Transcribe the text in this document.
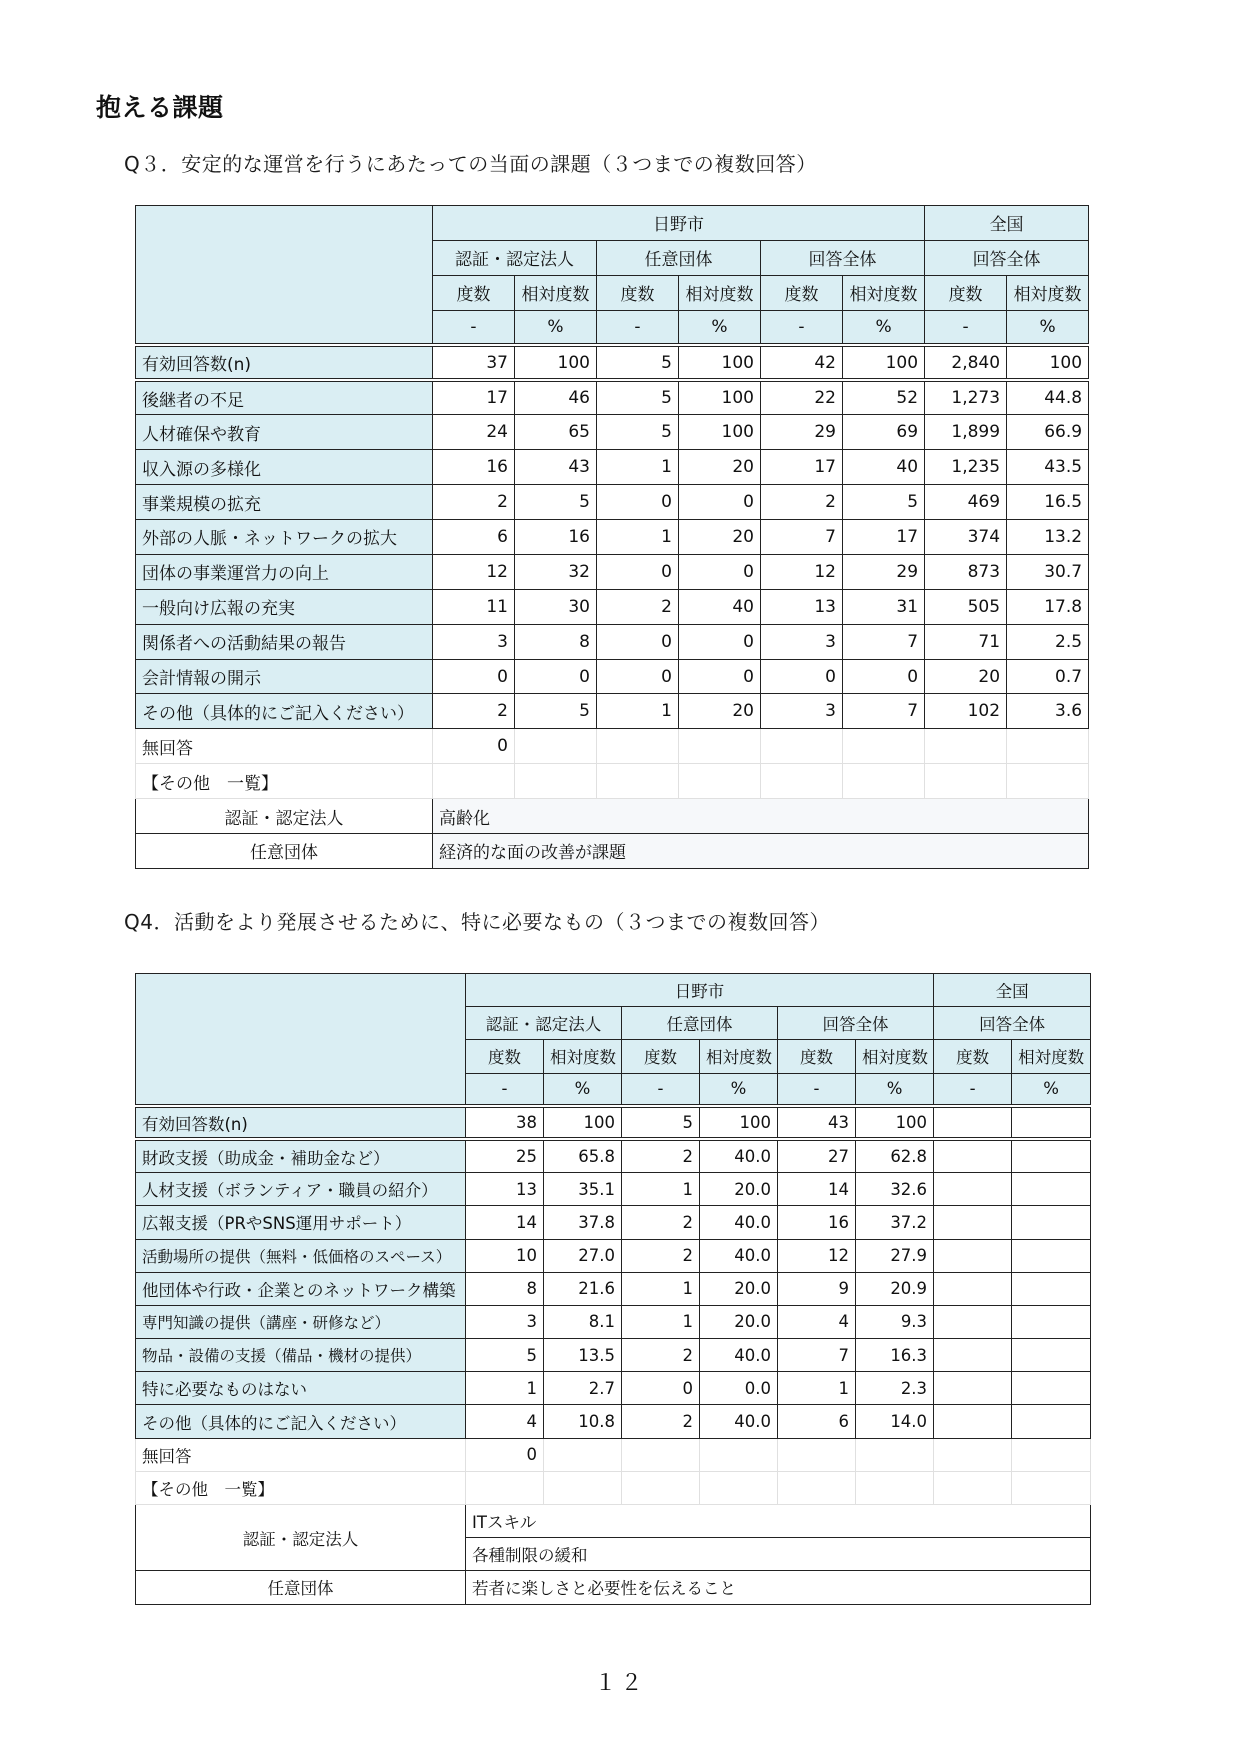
抱える課題
Q３．安定的な運営を行うにあたっての当面の課題（３つまでの複数回答）
	日野市						全国	
	認証・認定法人		任意団体		回答全体		回答全体	
	度数	相対度数	度数	相対度数	度数	相対度数	度数	相対度数
	-	%	-	%	-	%	-	%
有効回答数(n)	37	100	5	100	42	100	2,840	100
後継者の不足	17	46	5	100	22	52	1,273	44.8
人材確保や教育	24	65	5	100	29	69	1,899	66.9
収入源の多様化	16	43	1	20	17	40	1,235	43.5
事業規模の拡充	2	5	0	0	2	5	469	16.5
外部の人脈・ネットワークの拡大	6	16	1	20	7	17	374	13.2
団体の事業運営力の向上	12	32	0	0	12	29	873	30.7
一般向け広報の充実	11	30	2	40	13	31	505	17.8
関係者への活動結果の報告	3	8	0	0	3	7	71	2.5
会計情報の開示	0	0	0	0	0	0	20	0.7
その他（具体的にご記入ください）	2	5	1	20	3	7	102	3.6
無回答	0							
【その他　一覧】								
認証・認定法人	高齢化							
任意団体	経済的な面の改善が課題							
Q4．活動をより発展させるために、特に必要なもの（３つまでの複数回答）
	日野市						全国	
	認証・認定法人		任意団体		回答全体		回答全体	
	度数	相対度数	度数	相対度数	度数	相対度数	度数	相対度数
	-	%	-	%	-	%	-	%
有効回答数(n)	38	100	5	100	43	100		
財政支援（助成金・補助金など）	25	65.8	2	40.0	27	62.8		
人材支援（ボランティア・職員の紹介）	13	35.1	1	20.0	14	32.6		
広報支援（PRやSNS運用サポート）	14	37.8	2	40.0	16	37.2		
活動場所の提供（無料・低価格のスペース）	10	27.0	2	40.0	12	27.9		
他団体や行政・企業とのネットワーク構築	8	21.6	1	20.0	9	20.9		
専門知識の提供（講座・研修など）	3	8.1	1	20.0	4	9.3		
物品・設備の支援（備品・機材の提供）	5	13.5	2	40.0	7	16.3		
特に必要なものはない	1	2.7	0	0.0	1	2.3		
その他（具体的にご記入ください）	4	10.8	2	40.0	6	14.0		
無回答	0							
【その他　一覧】								
認証・認定法人	ITスキル							
	各種制限の緩和							
任意団体	若者に楽しさと必要性を伝えること							
１２
